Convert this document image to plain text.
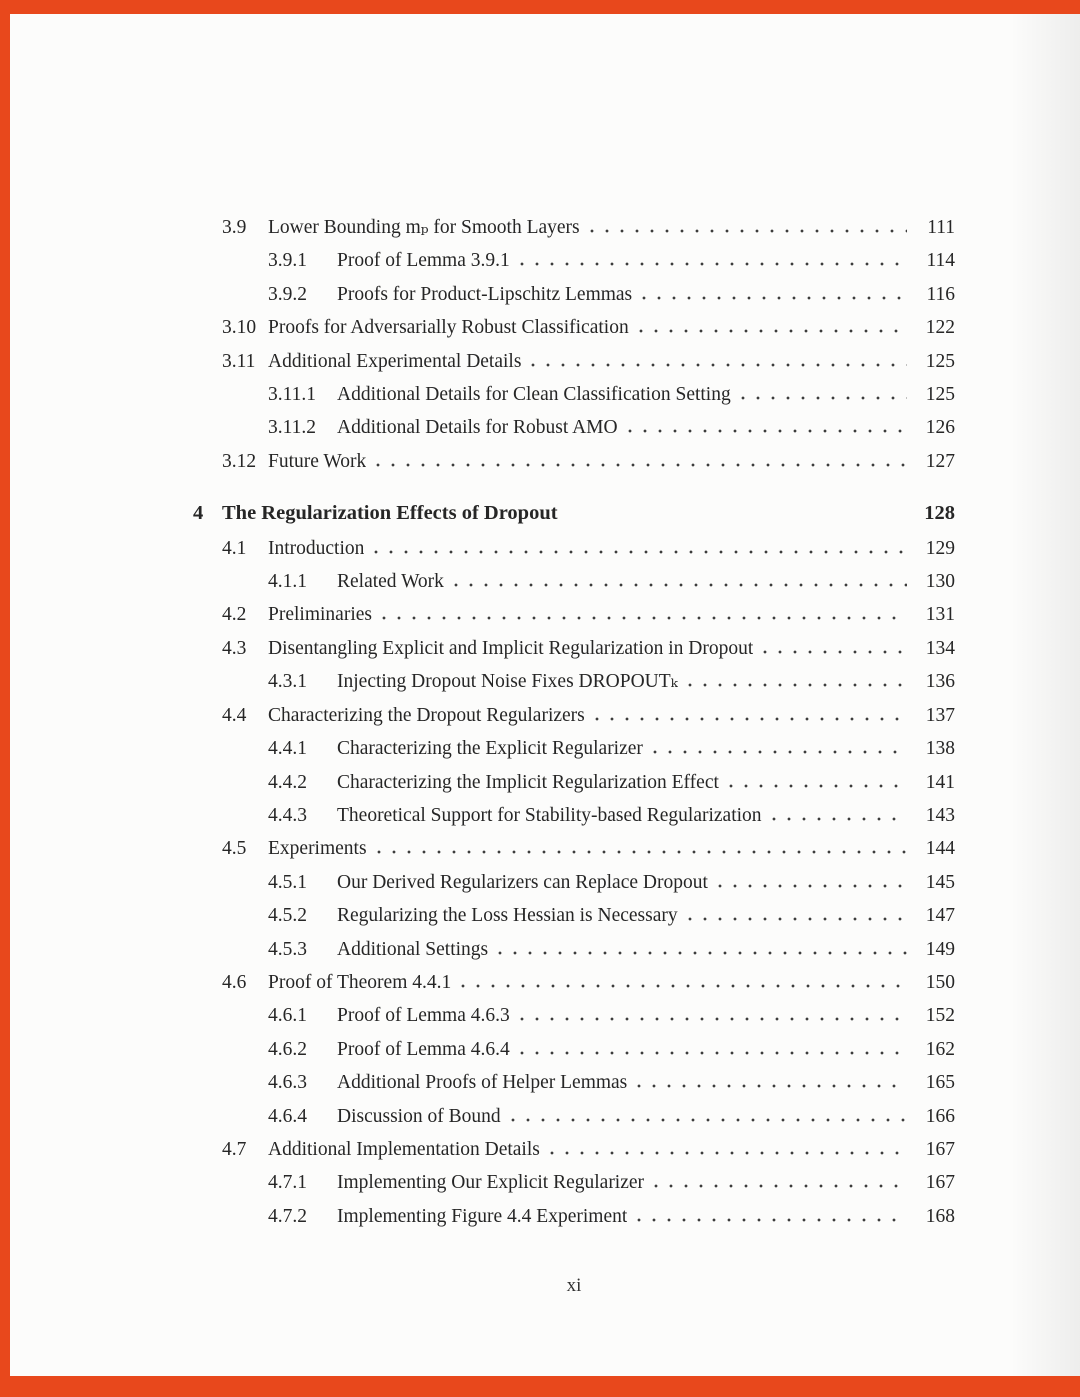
3.9	Lower Bounding mₚ for Smooth Layers	111
3.9.1	Proof of Lemma 3.9.1	114
3.9.2	Proofs for Product-Lipschitz Lemmas	116
3.10 Proofs for Adversarially Robust Classification	122
3.11 Additional Experimental Details	125
3.11.1	Additional Details for Clean Classification Setting	125
3.11.2	Additional Details for Robust AMO	126
3.12 Future Work	127
4 The Regularization Effects of Dropout	128
4.1	Introduction	129
4.1.1	Related Work	130
4.2	Preliminaries	131
4.3	Disentangling Explicit and Implicit Regularization in Dropout	134
4.3.1	Injecting Dropout Noise Fixes DROPOUTₖ	136
4.4	Characterizing the Dropout Regularizers	137
4.4.1	Characterizing the Explicit Regularizer	138
4.4.2	Characterizing the Implicit Regularization Effect	141
4.4.3	Theoretical Support for Stability-based Regularization	143
4.5	Experiments	144
4.5.1	Our Derived Regularizers can Replace Dropout	145
4.5.2	Regularizing the Loss Hessian is Necessary	147
4.5.3	Additional Settings	149
4.6	Proof of Theorem 4.4.1	150
4.6.1	Proof of Lemma 4.6.3	152
4.6.2	Proof of Lemma 4.6.4	162
4.6.3	Additional Proofs of Helper Lemmas	165
4.6.4	Discussion of Bound	166
4.7	Additional Implementation Details	167
4.7.1	Implementing Our Explicit Regularizer	167
4.7.2	Implementing Figure 4.4 Experiment	168
xi
